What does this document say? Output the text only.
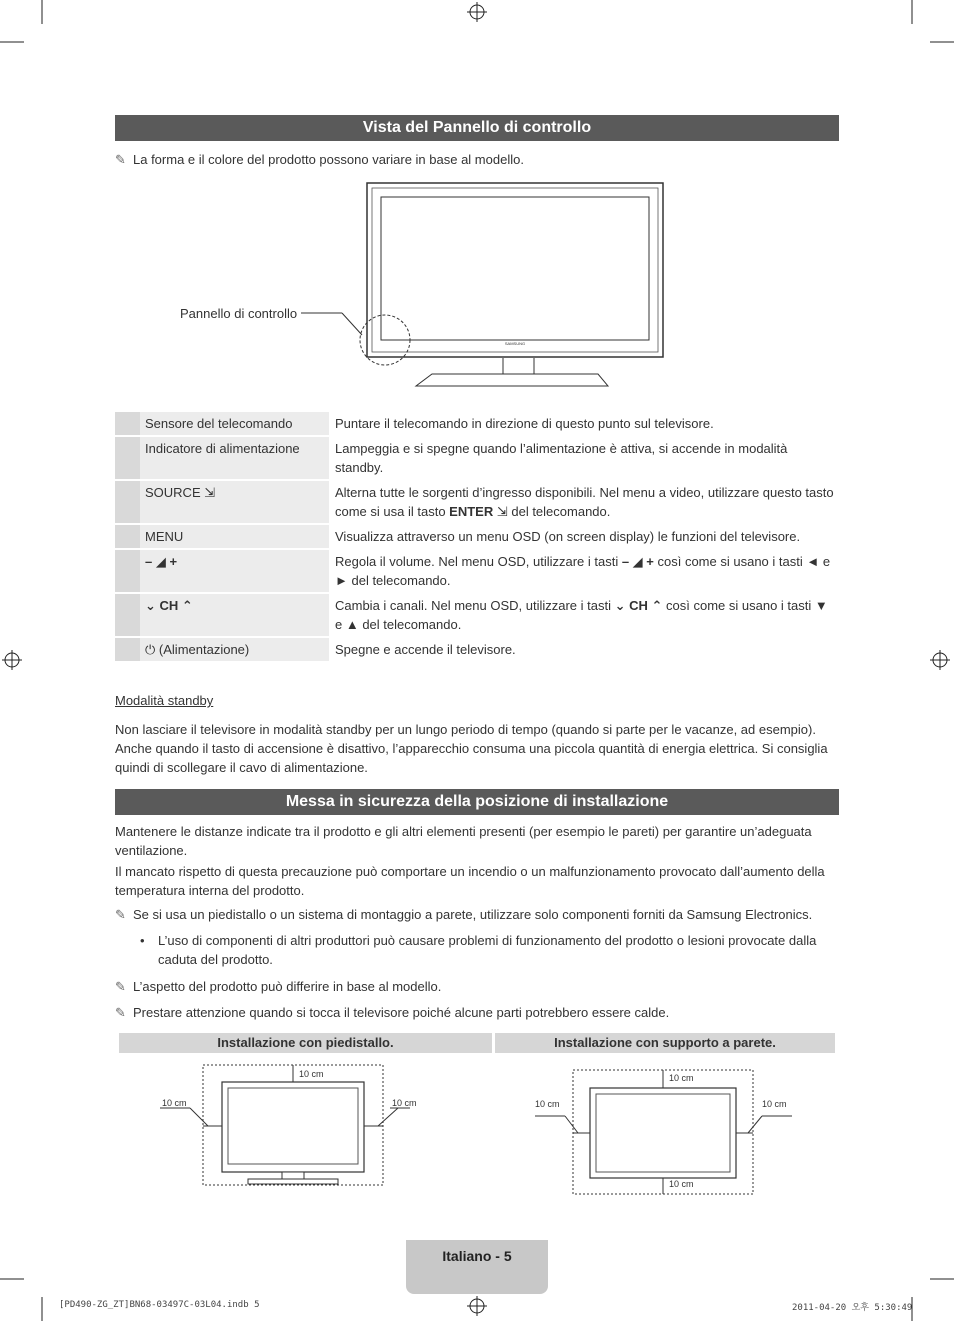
Vista del Pannello di controllo
✎ La forma e il colore del prodotto possono variare in base al modello.
SAMSUNG
Pannello di controllo
	Sensore del telecomando	Puntare il telecomando in direzione di questo punto sul televisore.
	Indicatore di alimentazione	Lampeggia e si spegne quando l’alimentazione è attiva, si accende in modalità standby.
	SOURCE ⇲	Alterna tutte le sorgenti d’ingresso disponibili. Nel menu a video, utilizzare questo tasto come si usa il tasto ENTER ⇲ del telecomando.
	MENU	Visualizza attraverso un menu OSD (on screen display) le funzioni del televisore.
	– ◢ +	Regola il volume. Nel menu OSD, utilizzare i tasti – ◢ + così come si usano i tasti ◄ e ► del telecomando.
	⌄ CH ⌃	Cambia i canali. Nel menu OSD, utilizzare i tasti ⌄ CH ⌃ così come si usano i tasti ▼ e ▲ del telecomando.
	⏻ (Alimentazione)	Spegne e accende il televisore.
Modalità standby
Non lasciare il televisore in modalità standby per un lungo periodo di tempo (quando si parte per le vacanze, ad esempio). Anche quando il tasto di accensione è disattivo, l’apparecchio consuma una piccola quantità di energia elettrica. Si consiglia quindi di scollegare il cavo di alimentazione.
Messa in sicurezza della posizione di installazione
Mantenere le distanze indicate tra il prodotto e gli altri elementi presenti (per esempio le pareti) per garantire un’adeguata ventilazione.
Il mancato rispetto di questa precauzione può comportare un incendio o un malfunzionamento provocato dall’aumento della temperatura interna del prodotto.
✎ Se si usa un piedistallo o un sistema di montaggio a parete, utilizzare solo componenti forniti da Samsung Electronics.
•	L’uso di componenti di altri produttori può causare problemi di funzionamento del prodotto o lesioni provocate dalla caduta del prodotto.
✎ L’aspetto del prodotto può differire in base al modello.
✎ Prestare attenzione quando si tocca il televisore poiché alcune parti potrebbero essere calde.
Installazione con piedistallo.	Installazione con supporto a parete.
10 cm
10 cm	10 cm
10 cm
10 cm
10 cm	10 cm
Italiano - 5
[PD490-ZG_ZT]BN68-03497C-03L04.indb 5	2011-04-20 오후 5:30:49
